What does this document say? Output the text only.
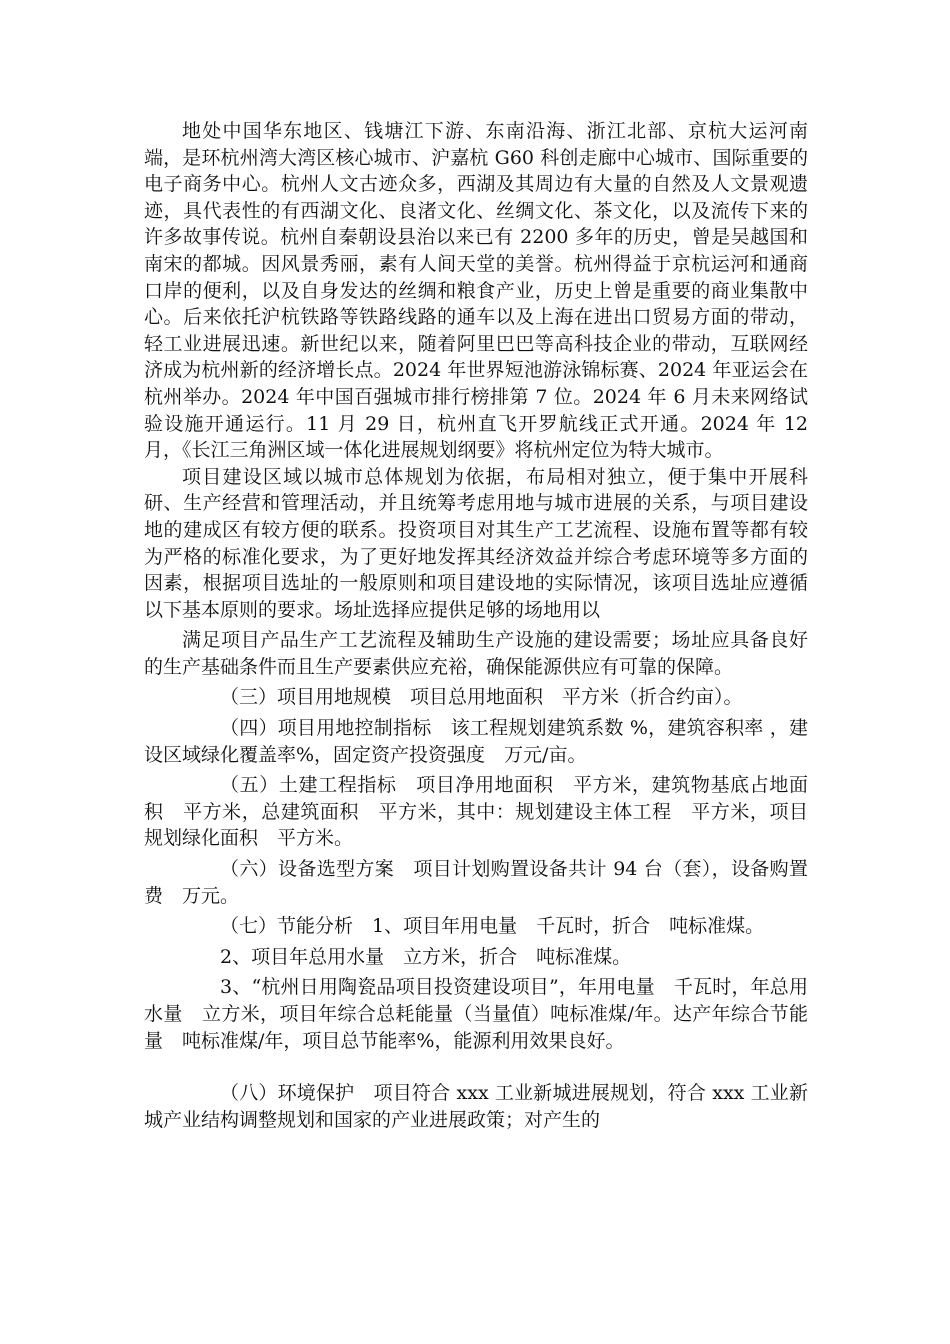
地处中国华东地区、钱塘江下游、东南沿海、浙江北部、京杭大运河南端，是环杭州湾大湾区核心城市、沪嘉杭 G60 科创走廊中心城市、国际重要的电子商务中心。杭州人文古迹众多，西湖及其周边有大量的自然及人文景观遗迹，具代表性的有西湖文化、良渚文化、丝绸文化、茶文化，以及流传下来的许多故事传说。杭州自秦朝设县治以来已有 2200 多年的历史，曾是吴越国和南宋的都城。因风景秀丽，素有人间天堂的美誉。杭州得益于京杭运河和通商口岸的便利，以及自身发达的丝绸和粮食产业，历史上曾是重要的商业集散中心。后来依托沪杭铁路等铁路线路的通车以及上海在进出口贸易方面的带动，轻工业进展迅速。新世纪以来，随着阿里巴巴等高科技企业的带动，互联网经济成为杭州新的经济增长点。2024 年世界短池游泳锦标赛、2024 年亚运会在杭州举办。2024 年中国百强城市排行榜排第 7 位。2024 年 6 月未来网络试验设施开通运行。11 月 29 日，杭州直飞开罗航线正式开通。2024 年 12 月，《长江三角洲区域一体化进展规划纲要》将杭州定位为特大城市。

项目建设区域以城市总体规划为依据，布局相对独立，便于集中开展科研、生产经营和管理活动，并且统筹考虑用地与城市进展的关系，与项目建设地的建成区有较方便的联系。投资项目对其生产工艺流程、设施布置等都有较为严格的标准化要求，为了更好地发挥其经济效益并综合考虑环境等多方面的因素，根据项目选址的一般原则和项目建设地的实际情况，该项目选址应遵循以下基本原则的要求。场址选择应提供足够的场地用以

满足项目产品生产工艺流程及辅助生产设施的建设需要；场址应具备良好的生产基础条件而且生产要素供应充裕，确保能源供应有可靠的保障。

（三）项目用地规模　项目总用地面积　平方米（折合约亩）。

（四）项目用地控制指标　该工程规划建筑系数 %，建筑容积率 ，建设区域绿化覆盖率%，固定资产投资强度　万元/亩。

（五）土建工程指标　项目净用地面积　平方米，建筑物基底占地面积　平方米，总建筑面积　平方米，其中：规划建设主体工程　平方米，项目规划绿化面积　平方米。

（六）设备选型方案　项目计划购置设备共计 94 台（套），设备购置费　万元。

（七）节能分析　1、项目年用电量　千瓦时，折合　吨标准煤。

2、项目年总用水量　立方米，折合　吨标准煤。

3、“杭州日用陶瓷品项目投资建设项目”，年用电量　千瓦时，年总用水量　立方米，项目年综合总耗能量（当量值）吨标准煤/年。达产年综合节能量　吨标准煤/年，项目总节能率%，能源利用效果良好。

（八）环境保护　项目符合 xxx 工业新城进展规划，符合 xxx 工业新城产业结构调整规划和国家的产业进展政策；对产生的
